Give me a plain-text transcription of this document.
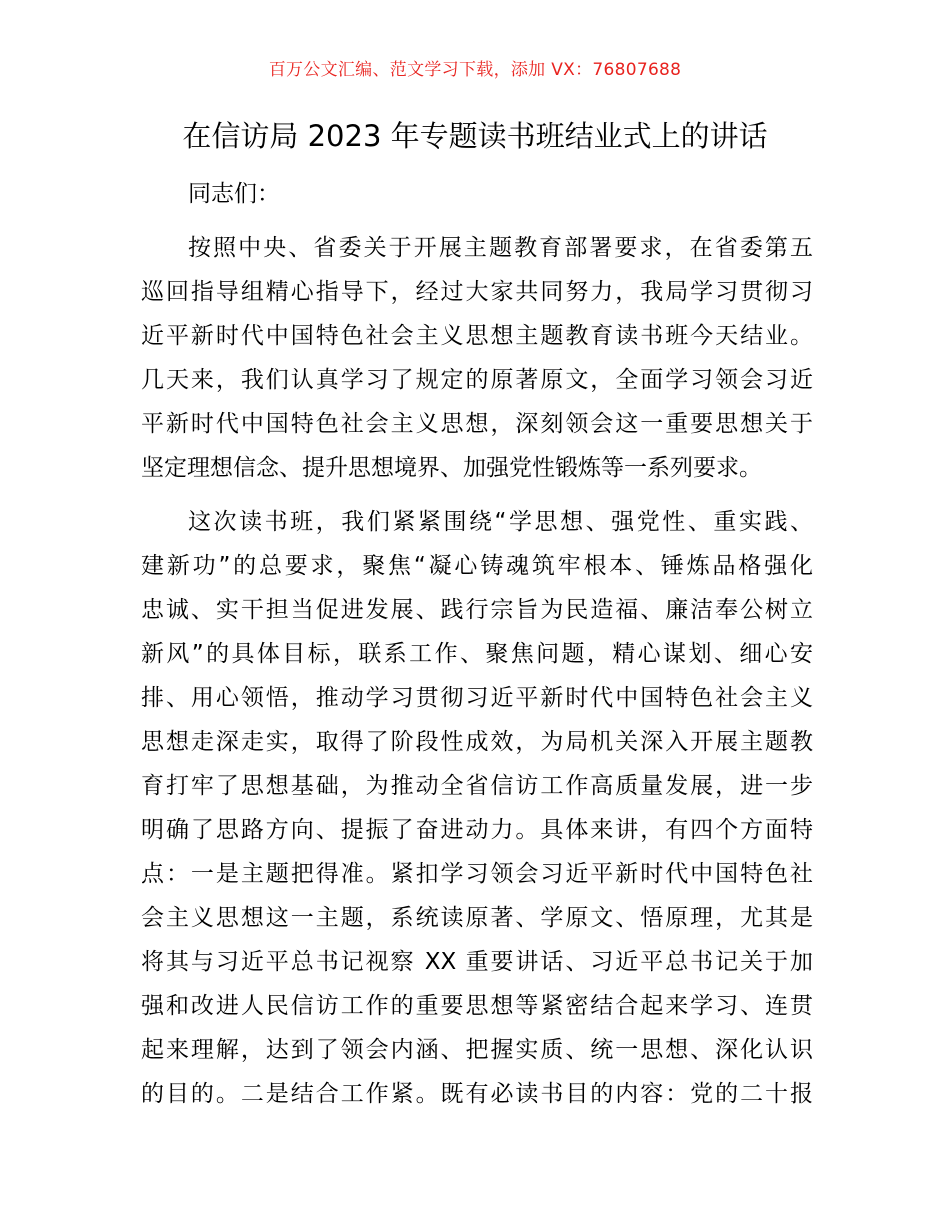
百万公文汇编、范文学习下载，添加 VX：76807688
在信访局 2023 年专题读书班结业式上的讲话
同志们：
按照中央、省委关于开展主题教育部署要求，在省委第五
巡回指导组精心指导下，经过大家共同努力，我局学习贯彻习
近平新时代中国特色社会主义思想主题教育读书班今天结业。
几天来，我们认真学习了规定的原著原文，全面学习领会习近
平新时代中国特色社会主义思想，深刻领会这一重要思想关于
坚定理想信念、提升思想境界、加强党性锻炼等一系列要求。
这次读书班，我们紧紧围绕“学思想、强党性、重实践、
建新功”的总要求，聚焦“凝心铸魂筑牢根本、锤炼品格强化
忠诚、实干担当促进发展、践行宗旨为民造福、廉洁奉公树立
新风”的具体目标，联系工作、聚焦问题，精心谋划、细心安
排、用心领悟，推动学习贯彻习近平新时代中国特色社会主义
思想走深走实，取得了阶段性成效，为局机关深入开展主题教
育打牢了思想基础，为推动全省信访工作高质量发展，进一步
明确了思路方向、提振了奋进动力。具体来讲，有四个方面特
点：一是主题把得准。紧扣学习领会习近平新时代中国特色社
会主义思想这一主题，系统读原著、学原文、悟原理，尤其是
将其与习近平总书记视察 XX 重要讲话、习近平总书记关于加
强和改进人民信访工作的重要思想等紧密结合起来学习、连贯
起来理解，达到了领会内涵、把握实质、统一思想、深化认识
的目的。二是结合工作紧。既有必读书目的内容：党的二十报
